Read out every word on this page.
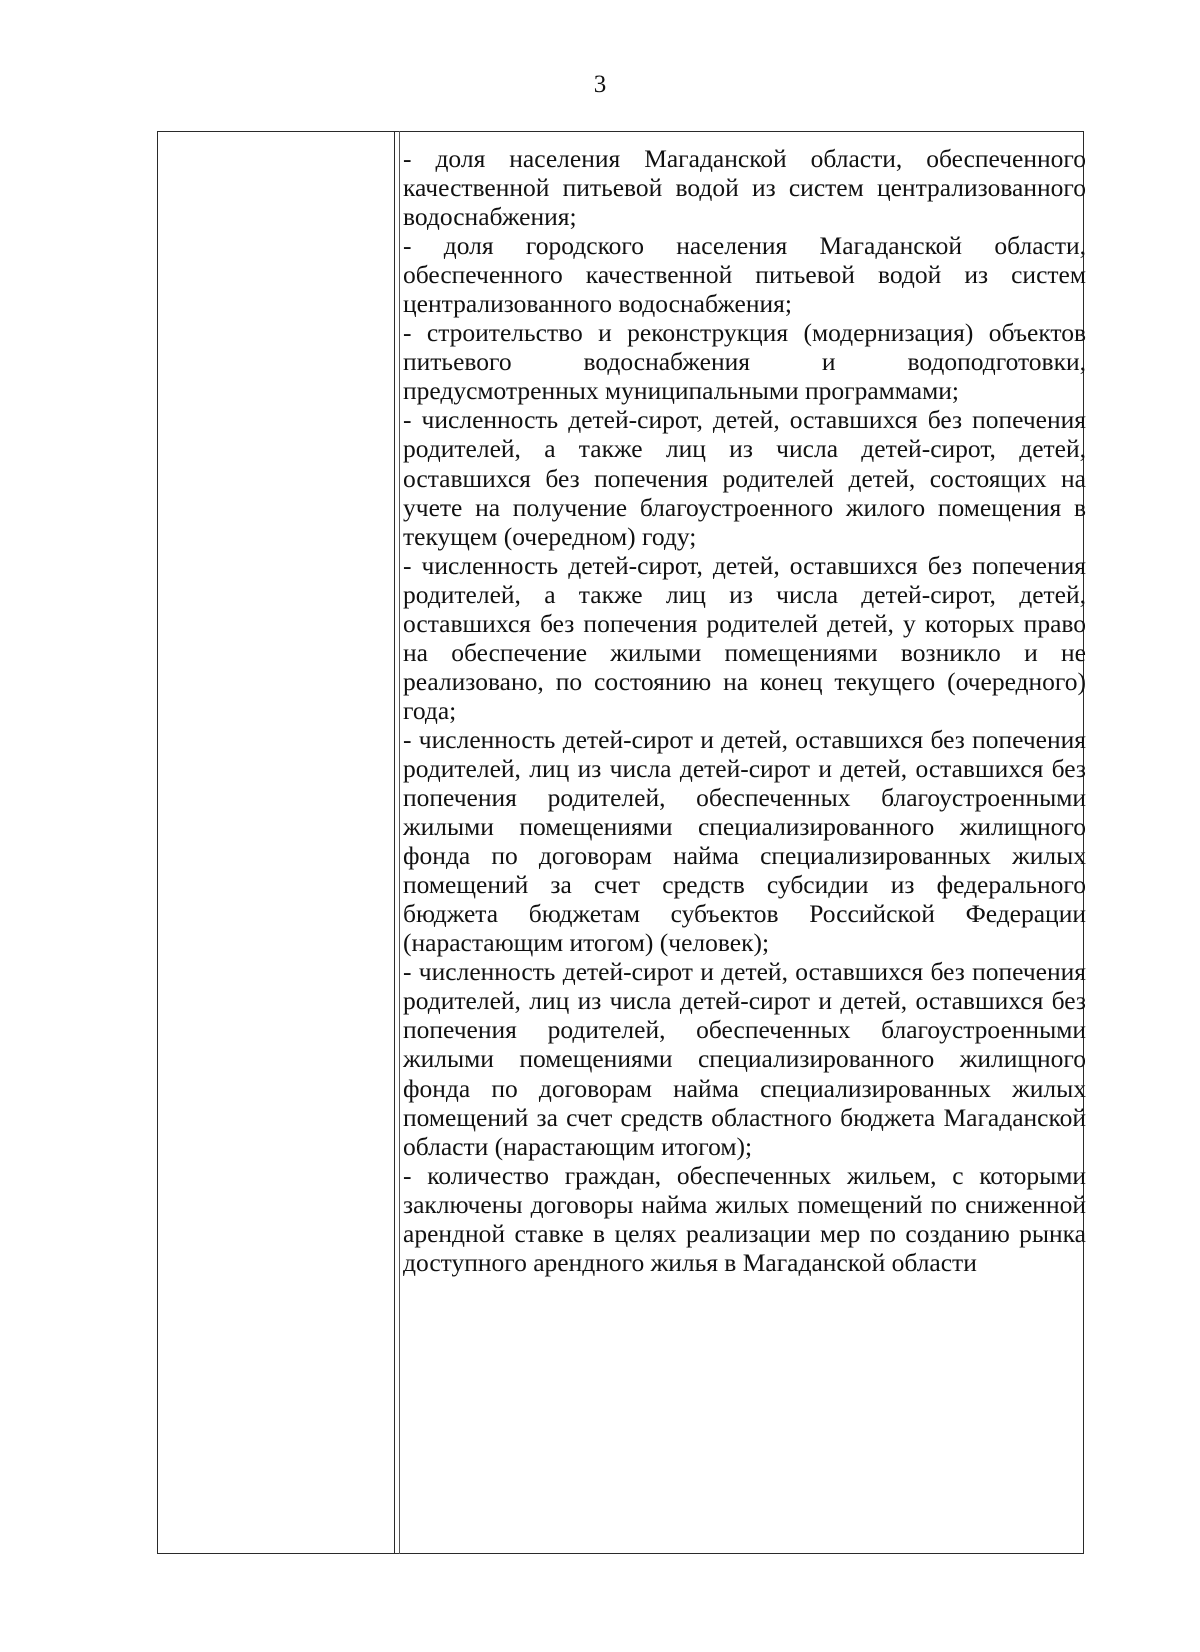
3

- доля населения Магаданской области, обеспеченного качественной питьевой водой из систем централизованного водоснабжения;

- доля городского населения Магаданской области, обеспеченного качественной питьевой водой из систем централизованного водоснабжения;

- строительство и реконструкция (модернизация) объектов питьевого водоснабжения и водоподготовки, предусмотренных муниципальными программами;

- численность детей-сирот, детей, оставшихся без попечения родителей, а также лиц из числа детей-сирот, детей, оставшихся без попечения родителей детей, состоящих на учете на получение благоустроенного жилого помещения в текущем (очередном) году;

- численность детей-сирот, детей, оставшихся без попечения родителей, а также лиц из числа детей-сирот, детей, оставшихся без попечения родителей детей, у которых право на обеспечение жилыми помещениями возникло и не реализовано, по состоянию на конец текущего (очередного) года;

- численность детей-сирот и детей, оставшихся без попечения родителей, лиц из числа детей-сирот и детей, оставшихся без попечения родителей, обеспеченных благоустроенными жилыми помещениями специализированного жилищного фонда по договорам найма специализированных жилых помещений за счет средств субсидии из федерального бюджета бюджетам субъектов Российской Федерации (нарастающим итогом) (человек);

- численность детей-сирот и детей, оставшихся без попечения родителей, лиц из числа детей-сирот и детей, оставшихся без попечения родителей, обеспеченных благоустроенными жилыми помещениями специализированного жилищного фонда по договорам найма специализированных жилых помещений за счет средств областного бюджета Магаданской области (нарастающим итогом);

- количество граждан, обеспеченных жильем, с которыми заключены договоры найма жилых помещений по сниженной арендной ставке в целях реализации мер по созданию рынка доступного арендного жилья в Магаданской области
